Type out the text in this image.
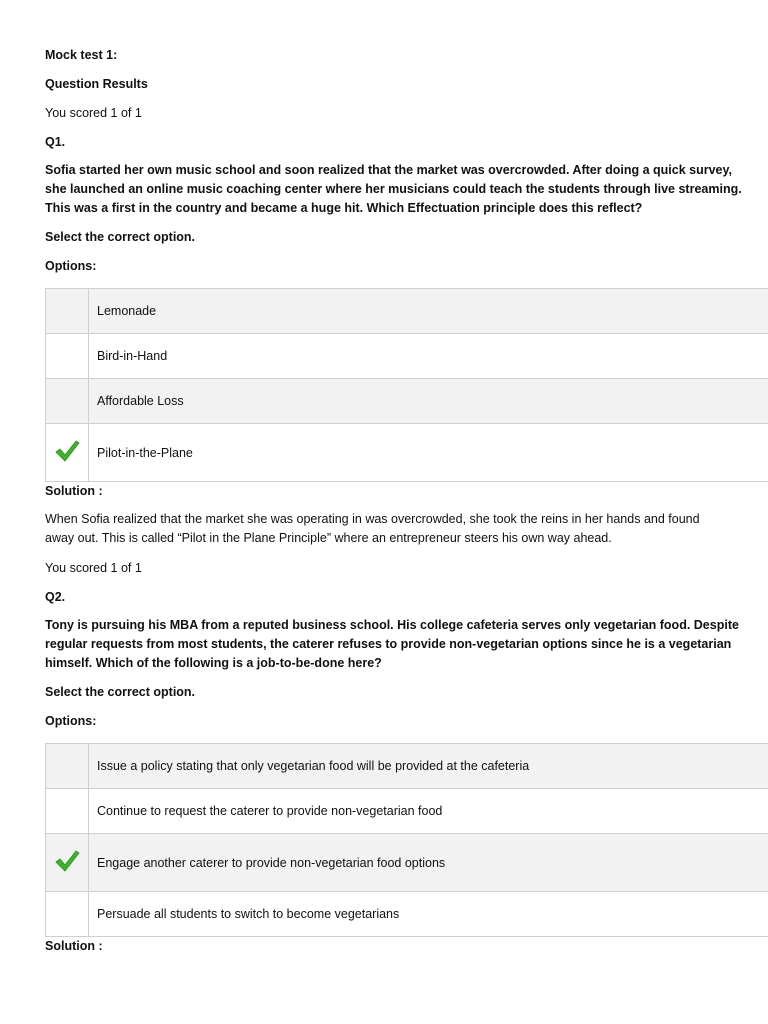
Mock test 1:

Question Results

You scored 1 of 1

Q1.

Sofia started her own music school and soon realized that the market was overcrowded. After doing a quick survey,
she launched an online music coaching center where her musicians could teach the students through live streaming.
This was a first in the country and became a huge hit. Which Effectuation principle does this reflect?

Select the correct option.

Options:

	Lemonade
	Bird-in-Hand
	Affordable Loss
	Pilot-in-the-Plane

Solution :

When Sofia realized that the market she was operating in was overcrowded, she took the reins in her hands and found
away out. This is called “Pilot in the Plane Principle” where an entrepreneur steers his own way ahead.

You scored 1 of 1

Q2.

Tony is pursuing his MBA from a reputed business school. His college cafeteria serves only vegetarian food. Despite
regular requests from most students, the caterer refuses to provide non-vegetarian options since he is a vegetarian
himself. Which of the following is a job-to-be-done here?

Select the correct option.

Options:

	Issue a policy stating that only vegetarian food will be provided at the cafeteria
	Continue to request the caterer to provide non-vegetarian food
	Engage another caterer to provide non-vegetarian food options
	Persuade all students to switch to become vegetarians

Solution :
